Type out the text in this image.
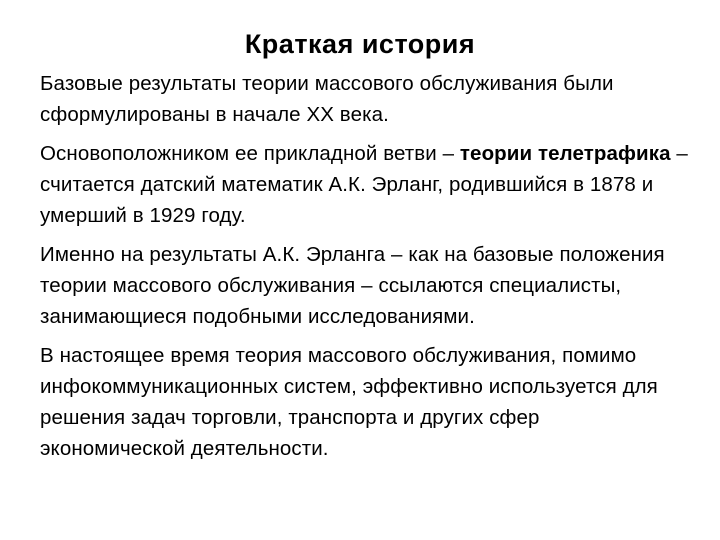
Краткая история

Базовые результаты теории массового обслуживания были сформулированы в начале XX века.

Основоположником ее прикладной ветви – теории телетрафика –считается датский математик А.К. Эрланг, родившийся в 1878 и умерший в 1929 году.

Именно на результаты А.К. Эрланга – как на базовые положения теории массового обслуживания – ссылаются специалисты, занимающиеся подобными исследованиями.

В настоящее время теория массового обслуживания, помимо инфокоммуникационных систем, эффективно используется для решения задач торговли, транспорта и других сфер экономической деятельности.
